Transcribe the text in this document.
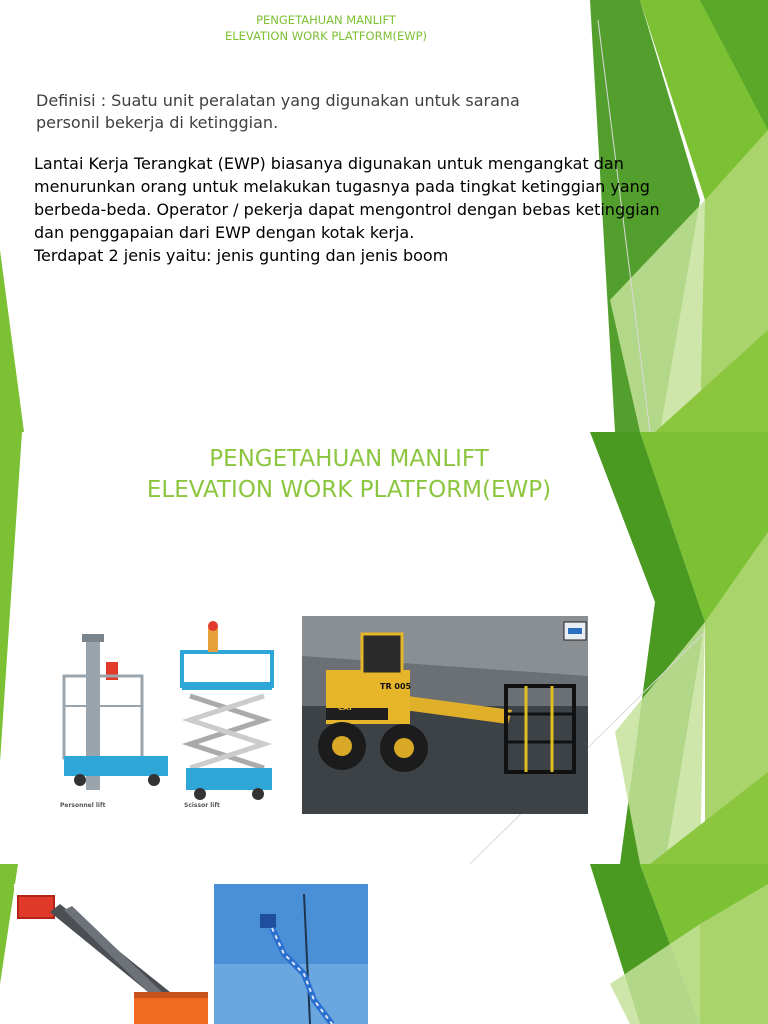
PENGETAHUAN MANLIFT
ELEVATION WORK PLATFORM(EWP)
Definisi : Suatu unit peralatan yang digunakan untuk sarana
personil bekerja di ketinggian.
Lantai Kerja Terangkat (EWP) biasanya digunakan untuk mengangkat dan
menurunkan orang untuk melakukan tugasnya pada tingkat ketinggian yang
berbeda-beda. Operator / pekerja dapat mengontrol dengan bebas ketinggian
dan penggapaian dari EWP dengan kotak kerja.
Terdapat 2 jenis yaitu: jenis gunting dan jenis boom
PENGETAHUAN MANLIFT
ELEVATION WORK PLATFORM(EWP)
Personnel lift	Scissor lift
TR 005
CAT
